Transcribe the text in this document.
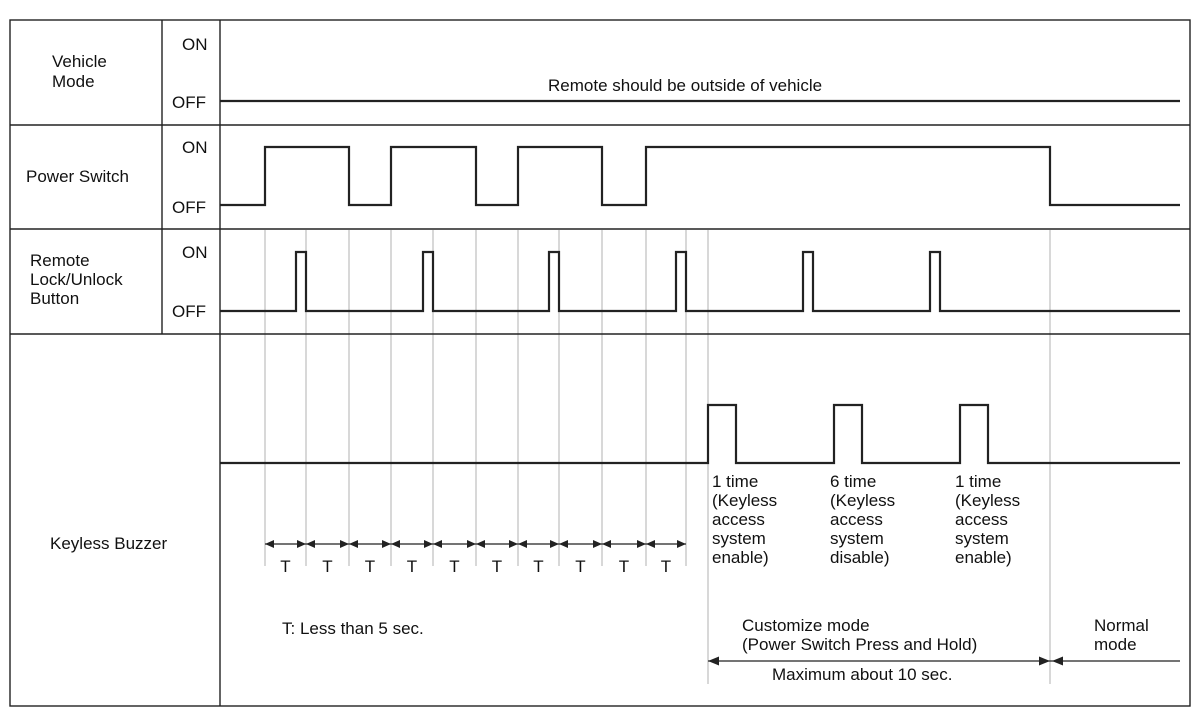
Vehicle
Mode
ON
OFF
Remote should be outside of vehicle
Power Switch
ON
OFF
Remote
Lock/Unlock
Button
ON
OFF
Keyless Buzzer
1 time
(Keyless
access
system
enable)
6 time
(Keyless
access
system
disable)
1 time
(Keyless
access
system
enable)
T T T T T T T T T T
T: Less than 5 sec.	Customize mode
(Power Switch Press and Hold)
Normal
mode
Maximum about 10 sec.
